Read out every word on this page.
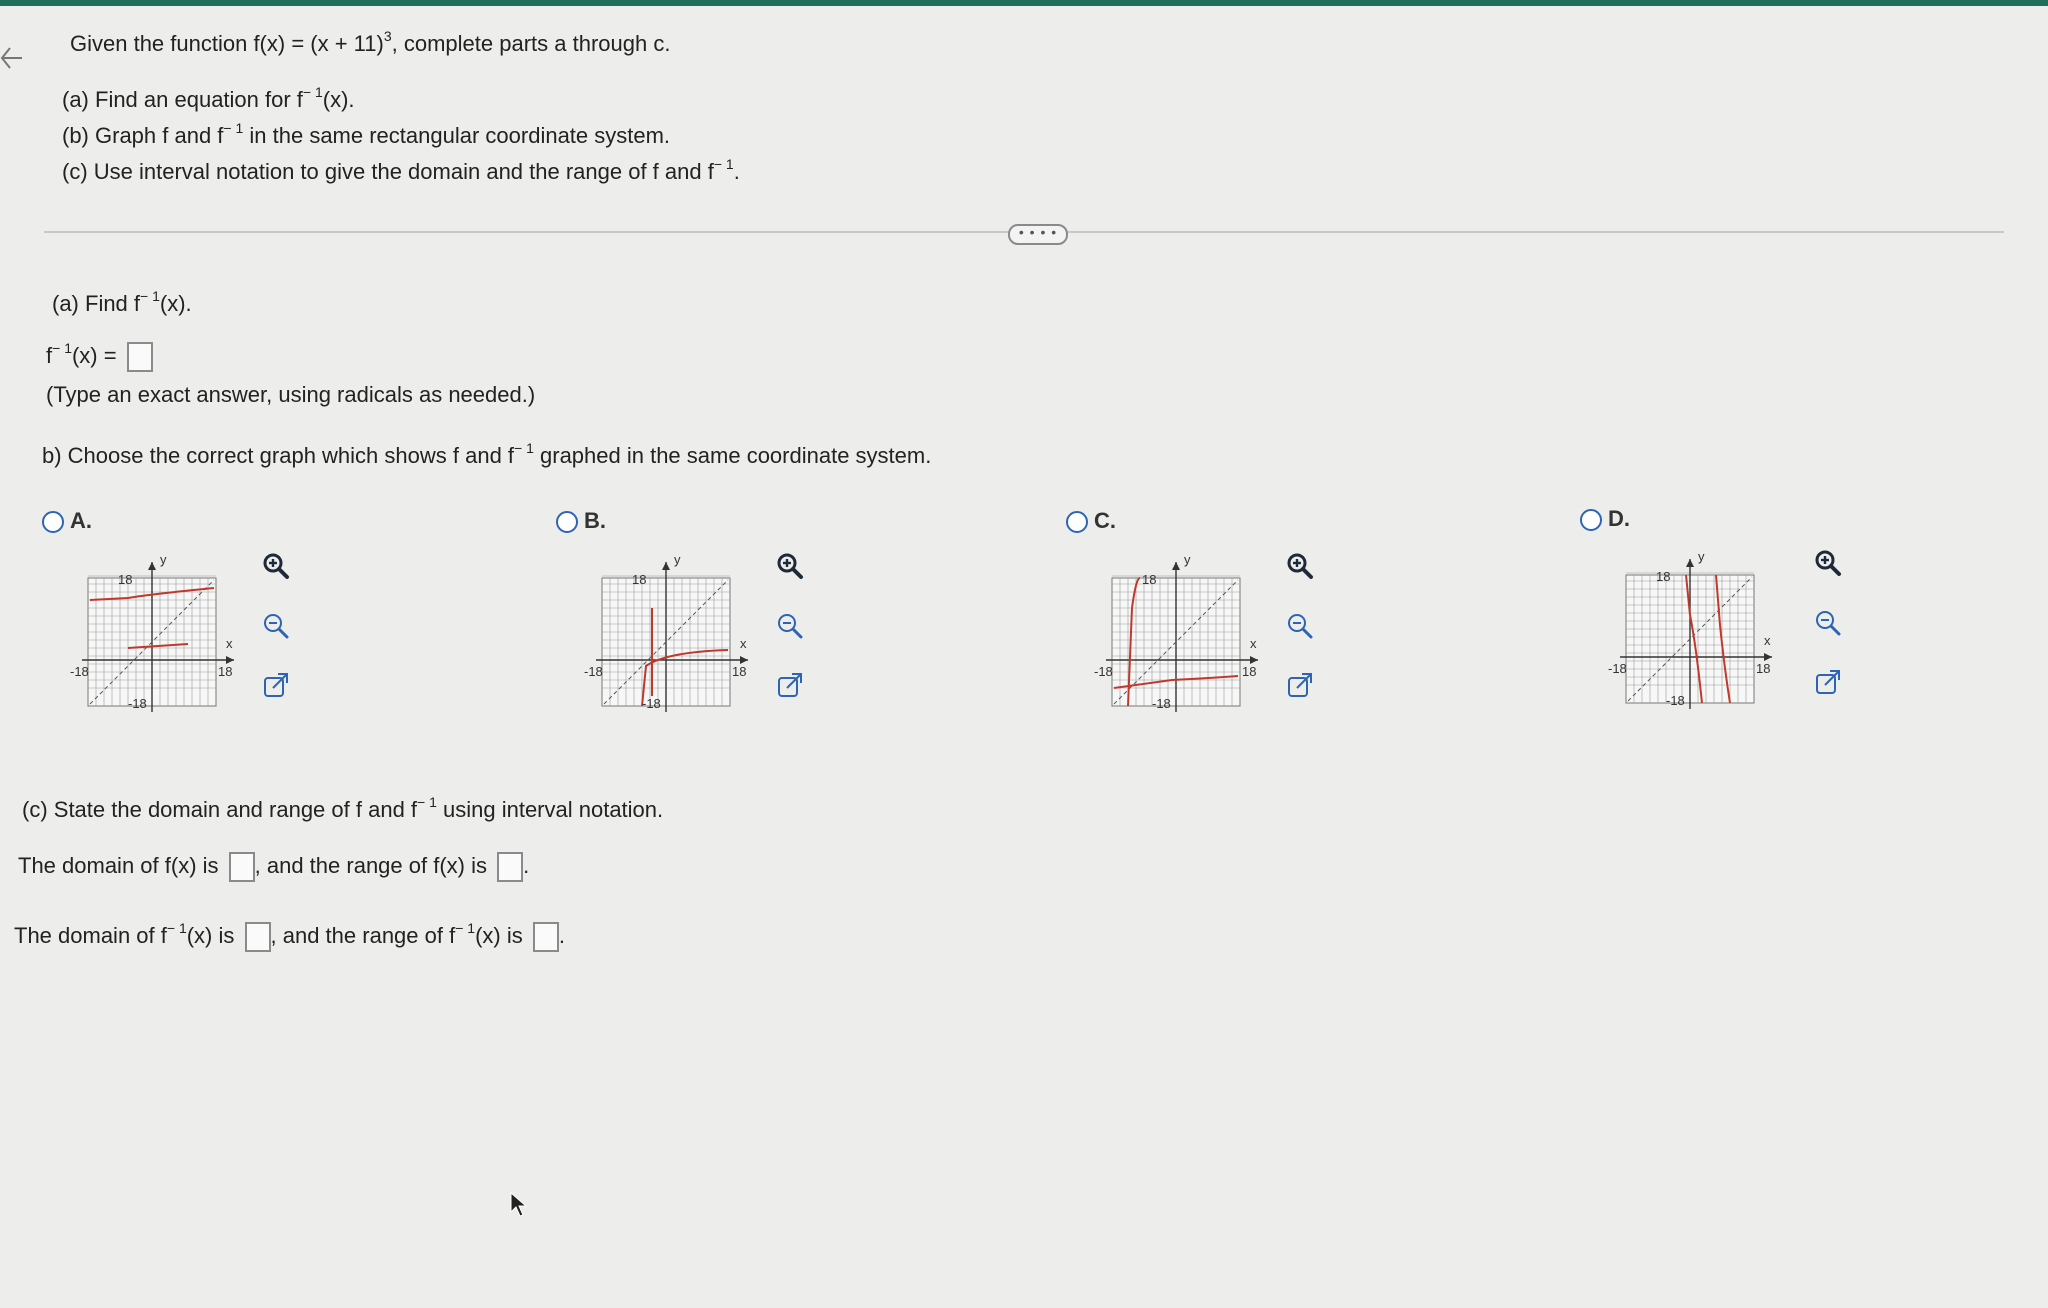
Given the function $f(x) = (x + 11)^3$, complete parts a through c.
(a) Find an equation for $f^{- 1}(x)$.
(b) Graph f and $f^{- 1}$ in the same rectangular coordinate system.
(c) Use interval notation to give the domain and the range of f and $f^{- 1}$.
• • • •
(a) Find $f^{- 1}(x)$.
$f^{- 1}(x)$ =
(Type an exact answer, using radicals as needed.)
b) Choose the correct graph which shows f and $f^{- 1}$ graphed in the same coordinate system.
A.	B.	C.	D.
18
18
-18
-18
x
y
18
18
-18
-18
x
y
18
18
-18
-18
x
y
18
18
-18
-18
x
y
(c) State the domain and range of f and $f^{- 1}$ using interval notation.
The domain of f(x) is , and the range of f(x) is .
The domain of $f^{- 1}(x)$ is , and the range of $f^{- 1}(x)$ is .
